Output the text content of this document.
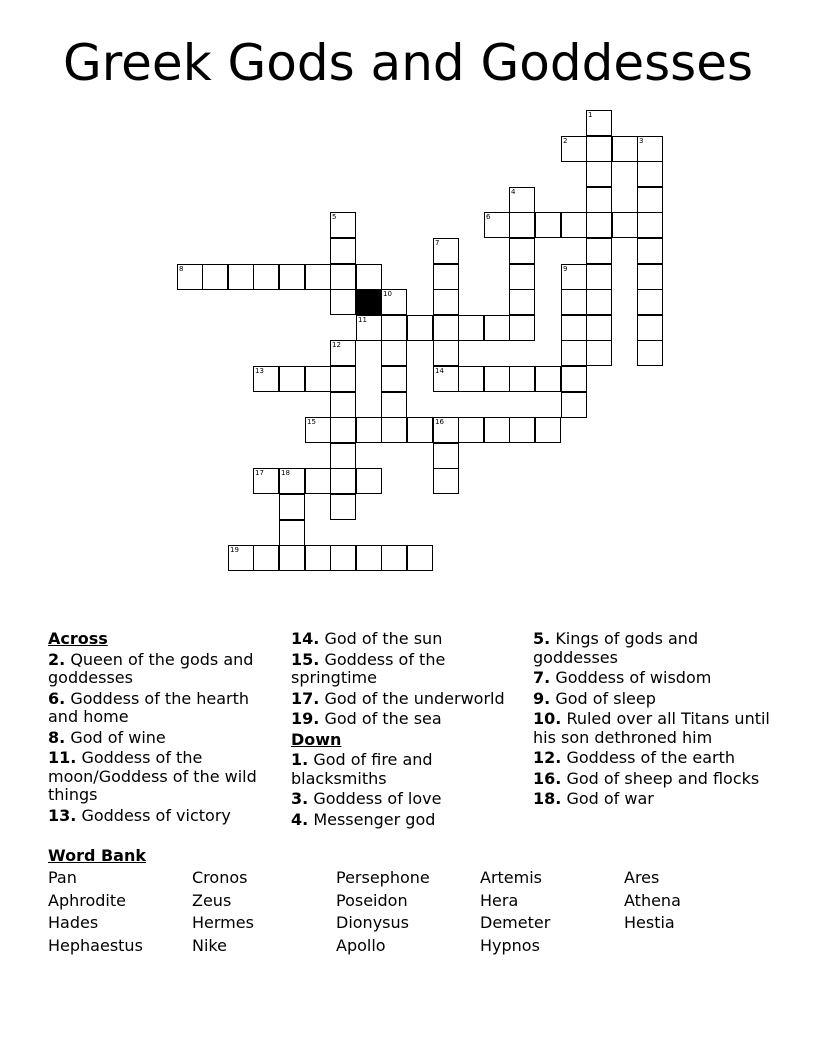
Greek Gods and Goddesses
1
2	3
4
5	6
7
14
8	9
10
11
12
13
15	16
17 18
19
Across
2. Queen of the gods and goddesses
6. Goddess of the hearth and home
8. God of wine
11. Goddess of the moon/Goddess of the wild things
13. Goddess of victory
14. God of the sun
15. Goddess of the springtime
17. God of the underworld
19. God of the sea
Down
1. God of fire and blacksmiths
3. Goddess of love
4. Messenger god
5. Kings of gods and goddesses
7. Goddess of wisdom
9. God of sleep
10. Ruled over all Titans until his son dethroned him
12. Goddess of the earth
16. God of sheep and flocks
18. God of war
Word Bank
Pan	Cronos	Persephone	Artemis	Ares
Aphrodite	Zeus	Poseidon	Hera	Athena
Hades	Hermes	Dionysus	Demeter	Hestia
Hephaestus	Nike	Apollo	Hypnos
